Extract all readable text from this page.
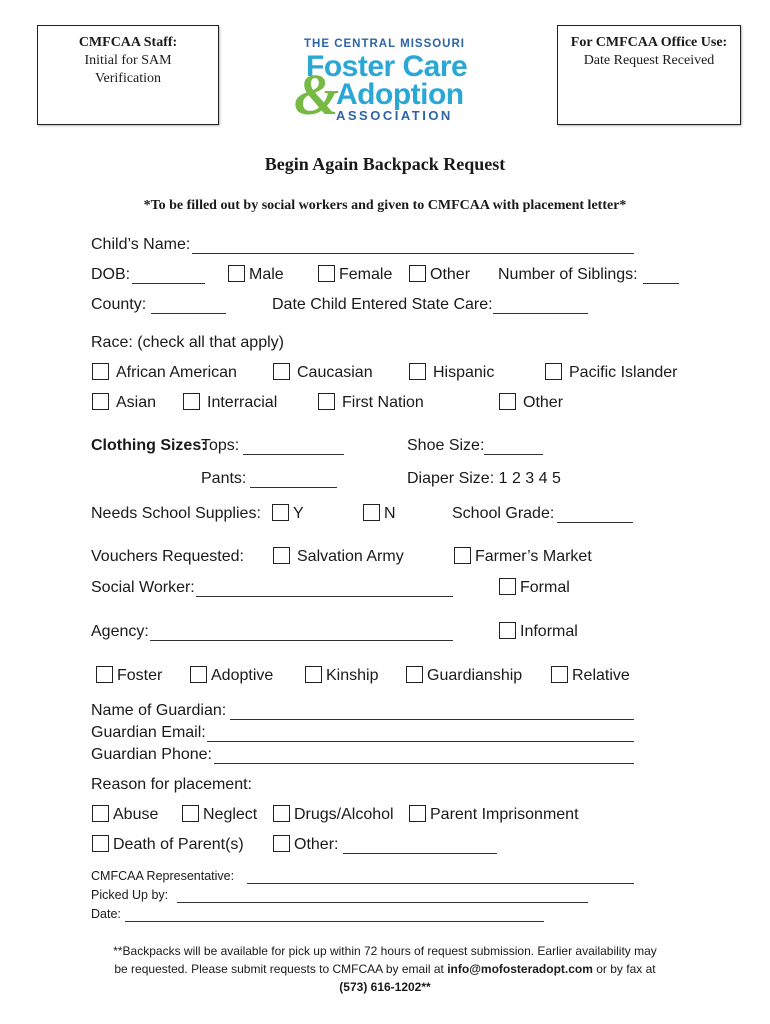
CMFCAA Staff:
Initial for SAM
Verification
For CMFCAA Office Use:
Date Request Received
THE CENTRAL MISSOURI
Foster Care
&
Adoption
ASSOCIATION
Begin Again Backpack Request
*To be filled out by social workers and given to CMFCAA with placement letter*
Child’s Name:
DOB:	Male	Female Other Number of Siblings:
County:	Date Child Entered State Care:
Race: (check all that apply)
African American	Caucasian	Hispanic	Pacific Islander
Asian	Interracial	First Nation	Other
Clothing Sizes:
Tops:	Shoe Size:
Pants:	Diaper Size: 1 2 3 4 5
Needs School Supplies: Y	N	School Grade:
Vouchers Requested:	Salvation Army	Farmer’s Market
Social Worker:	Formal
Agency:	Informal
Foster	Adoptive	Kinship	Guardianship	Relative
Name of Guardian:
Guardian Email:
Guardian Phone:
Reason for placement:
Abuse	Neglect Drugs/Alcohol Parent Imprisonment
Death of Parent(s)	Other:
CMFCAA Representative:
Picked Up by:
Date:
**Backpacks will be available for pick up within 72 hours of request submission. Earlier availability may
be requested. Please submit requests to CMFCAA by email at info@mofosteradopt.com or by fax at
(573) 616-1202**
